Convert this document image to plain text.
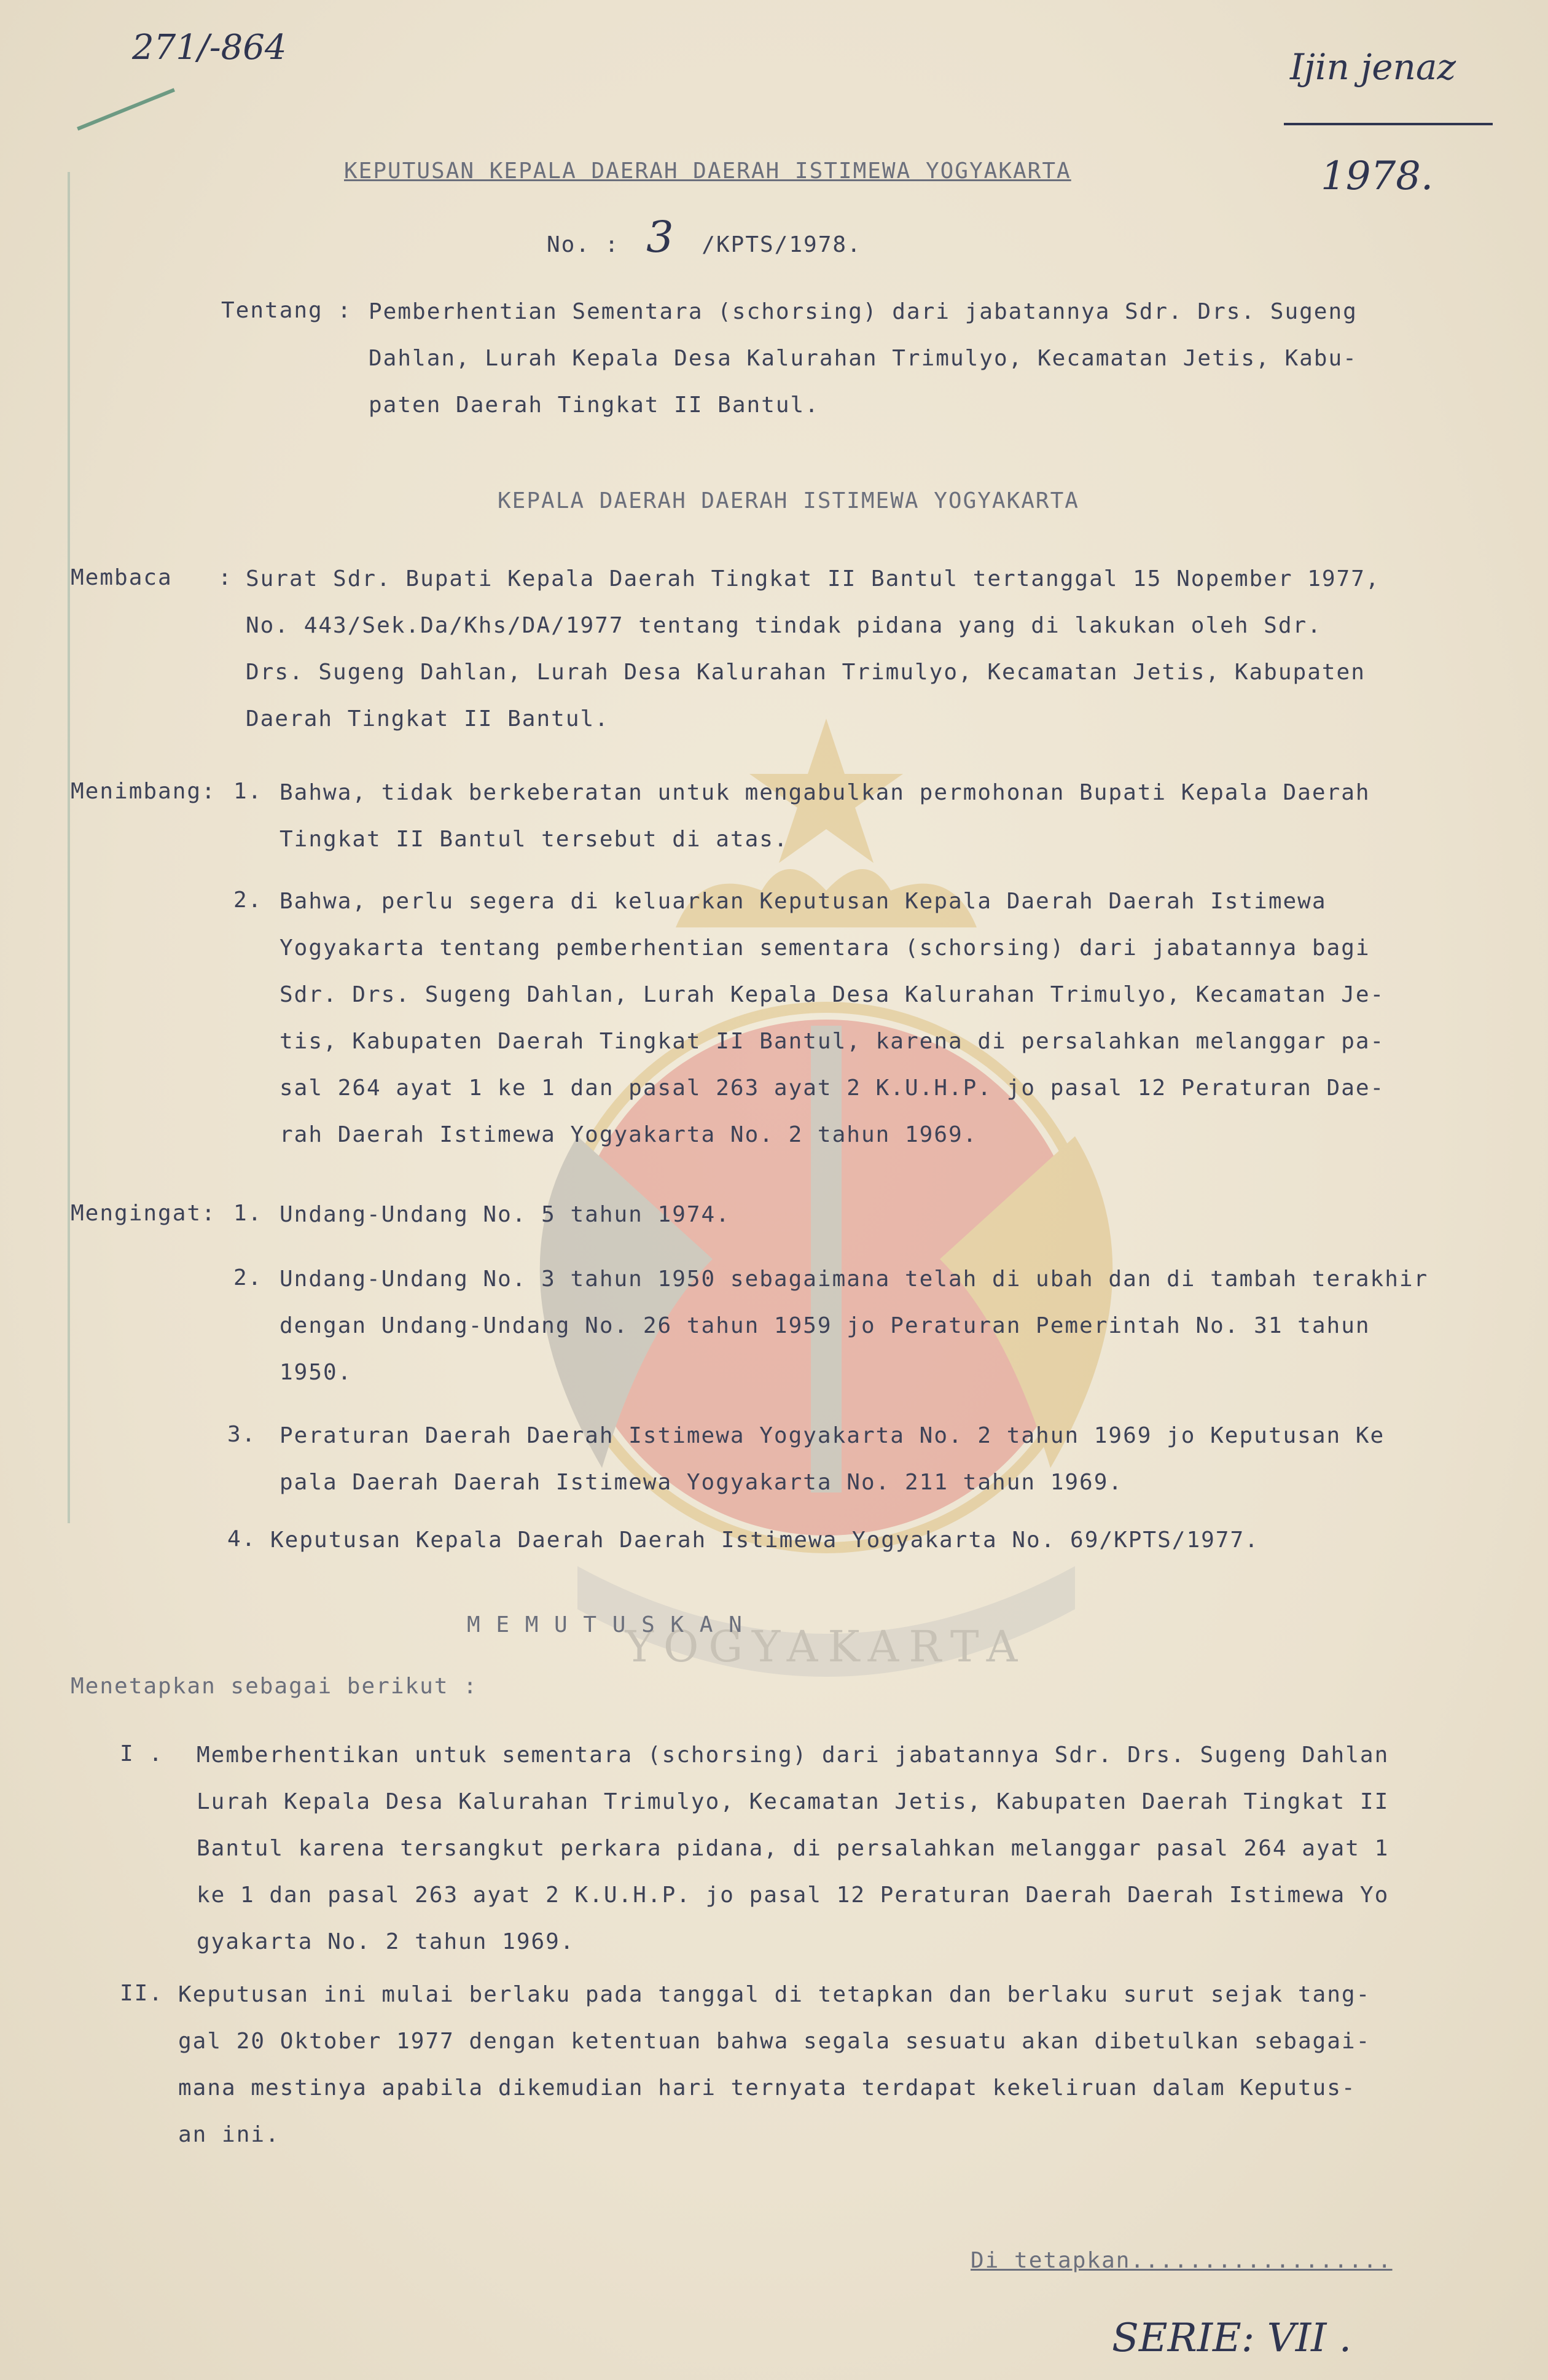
YOGYAKARTA
271/-864	Ijin jenaz
1978.
KEPUTUSAN KEPALA DAERAH DAERAH ISTIMEWA YOGYAKARTA
No. : 3 /KPTS/1978.
Tentang : Pemberhentian Sementara (schorsing) dari jabatannya Sdr. Drs. Sugeng
Dahlan, Lurah Kepala Desa Kalurahan Trimulyo, Kecamatan Jetis, Kabu-
paten Daerah Tingkat II Bantul.
KEPALA DAERAH DAERAH ISTIMEWA YOGYAKARTA
Membaca : Surat Sdr. Bupati Kepala Daerah Tingkat II Bantul tertanggal 15 Nopember 1977,
No. 443/Sek.Da/Khs/DA/1977 tentang tindak pidana yang di lakukan oleh Sdr.
Drs. Sugeng Dahlan, Lurah Desa Kalurahan Trimulyo, Kecamatan Jetis, Kabupaten
Daerah Tingkat II Bantul.
Menimbang: 1. Bahwa, tidak berkeberatan untuk mengabulkan permohonan Bupati Kepala Daerah
Tingkat II Bantul tersebut di atas.
2. Bahwa, perlu segera di keluarkan Keputusan Kepala Daerah Daerah Istimewa
Yogyakarta tentang pemberhentian sementara (schorsing) dari jabatannya bagi
Sdr. Drs. Sugeng Dahlan, Lurah Kepala Desa Kalurahan Trimulyo, Kecamatan Je-
tis, Kabupaten Daerah Tingkat II Bantul, karena di persalahkan melanggar pa-
sal 264 ayat 1 ke 1 dan pasal 263 ayat 2 K.U.H.P. jo pasal 12 Peraturan Dae-
rah Daerah Istimewa Yogyakarta No. 2 tahun 1969.
Mengingat: 1. Undang-Undang No. 5 tahun 1974.
2. Undang-Undang No. 3 tahun 1950 sebagaimana telah di ubah dan di tambah terakhir
dengan Undang-Undang No. 26 tahun 1959 jo Peraturan Pemerintah No. 31 tahun
1950.
3. Peraturan Daerah Daerah Istimewa Yogyakarta No. 2 tahun 1969 jo Keputusan Ke
pala Daerah Daerah Istimewa Yogyakarta No. 211 tahun 1969.
4. Keputusan Kepala Daerah Daerah Istimewa Yogyakarta No. 69/KPTS/1977.
M E M U T U S K A N
Menetapkan sebagai berikut :
I . Memberhentikan untuk sementara (schorsing) dari jabatannya Sdr. Drs. Sugeng Dahlan
Lurah Kepala Desa Kalurahan Trimulyo, Kecamatan Jetis, Kabupaten Daerah Tingkat II
Bantul karena tersangkut perkara pidana, di persalahkan melanggar pasal 264 ayat 1
ke 1 dan pasal 263 ayat 2 K.U.H.P. jo pasal 12 Peraturan Daerah Daerah Istimewa Yo
gyakarta No. 2 tahun 1969.
II. Keputusan ini mulai berlaku pada tanggal di tetapkan dan berlaku surut sejak tang-
gal 20 Oktober 1977 dengan ketentuan bahwa segala sesuatu akan dibetulkan sebagai-
mana mestinya apabila dikemudian hari ternyata terdapat kekeliruan dalam Keputus-
an ini.
Di tetapkan..................
SERIE: VII .
